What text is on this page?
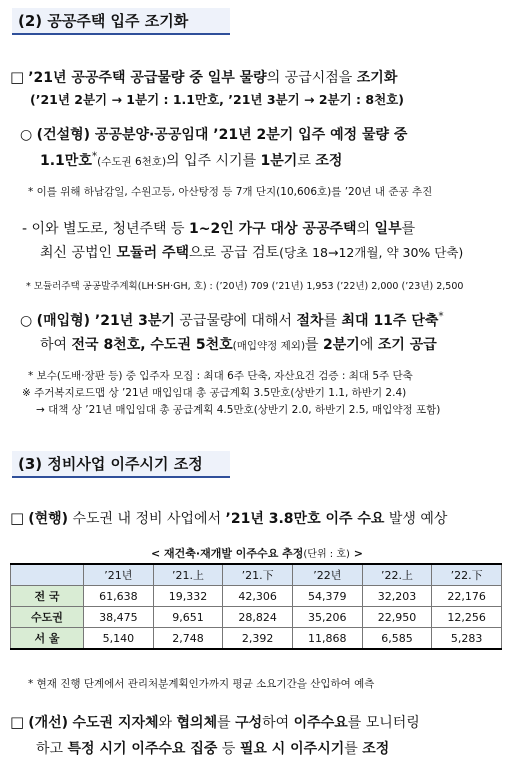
(2) 공공주택 입주 조기화
□ ’21년 공공주택 공급물량 중 일부 물량의 공급시점을 조기화
(’21년 2분기 → 1분기 : 1.1만호, ’21년 3분기 → 2분기 : 8천호)
○ (건설형) 공공분양·공공임대 ’21년 2분기 입주 예정 물량 중
1.1만호*(수도권 6천호)의 입주 시기를 1분기로 조정
* 이를 위해 하남감일, 수원고등, 아산탕정 등 7개 단지(10,606호)를 ’20년 내 준공 추진
- 이와 별도로, 청년주택 등 1~2인 가구 대상 공공주택의 일부를
최신 공법인 모듈러 주택으로 공급 검토(당초 18→12개월, 약 30% 단축)
* 모듈러주택 공공발주계획(LH·SH·GH, 호) : (’20년) 709 (’21년) 1,953 (’22년) 2,000 (’23년) 2,500
○ (매입형) ’21년 3분기 공급물량에 대해서 절차를 최대 11주 단축*
하여 전국 8천호, 수도권 5천호(매입약정 제외)를 2분기에 조기 공급
* 보수(도배·장판 등) 중 입주자 모집 : 최대 6주 단축, 자산요건 검증 : 최대 5주 단축
※ 주거복지로드맵 상 ’21년 매입임대 총 공급계획 3.5만호(상반기 1.1, 하반기 2.4)
→ 대책 상 ’21년 매입임대 총 공급계획 4.5만호(상반기 2.0, 하반기 2.5, 매입약정 포함)
(3) 정비사업 이주시기 조정
□ (현행) 수도권 내 정비 사업에서 ’21년 3.8만호 이주 수요 발생 예상
< 재건축·재개발 이주수요 추정(단위 : 호) >
	’21년	’21.上	’21.下	’22년	’22.上	’22.下
전 국	61,638	19,332	42,306	54,379	32,203	22,176
수도권	38,475	9,651	28,824	35,206	22,950	12,256
서 울	5,140	2,748	2,392	11,868	6,585	5,283
* 현재 진행 단계에서 관리처분계획인가까지 평균 소요기간을 산입하여 예측
□ (개선) 수도권 지자체와 협의체를 구성하여 이주수요를 모니터링
하고 특정 시기 이주수요 집중 등 필요 시 이주시기를 조정
